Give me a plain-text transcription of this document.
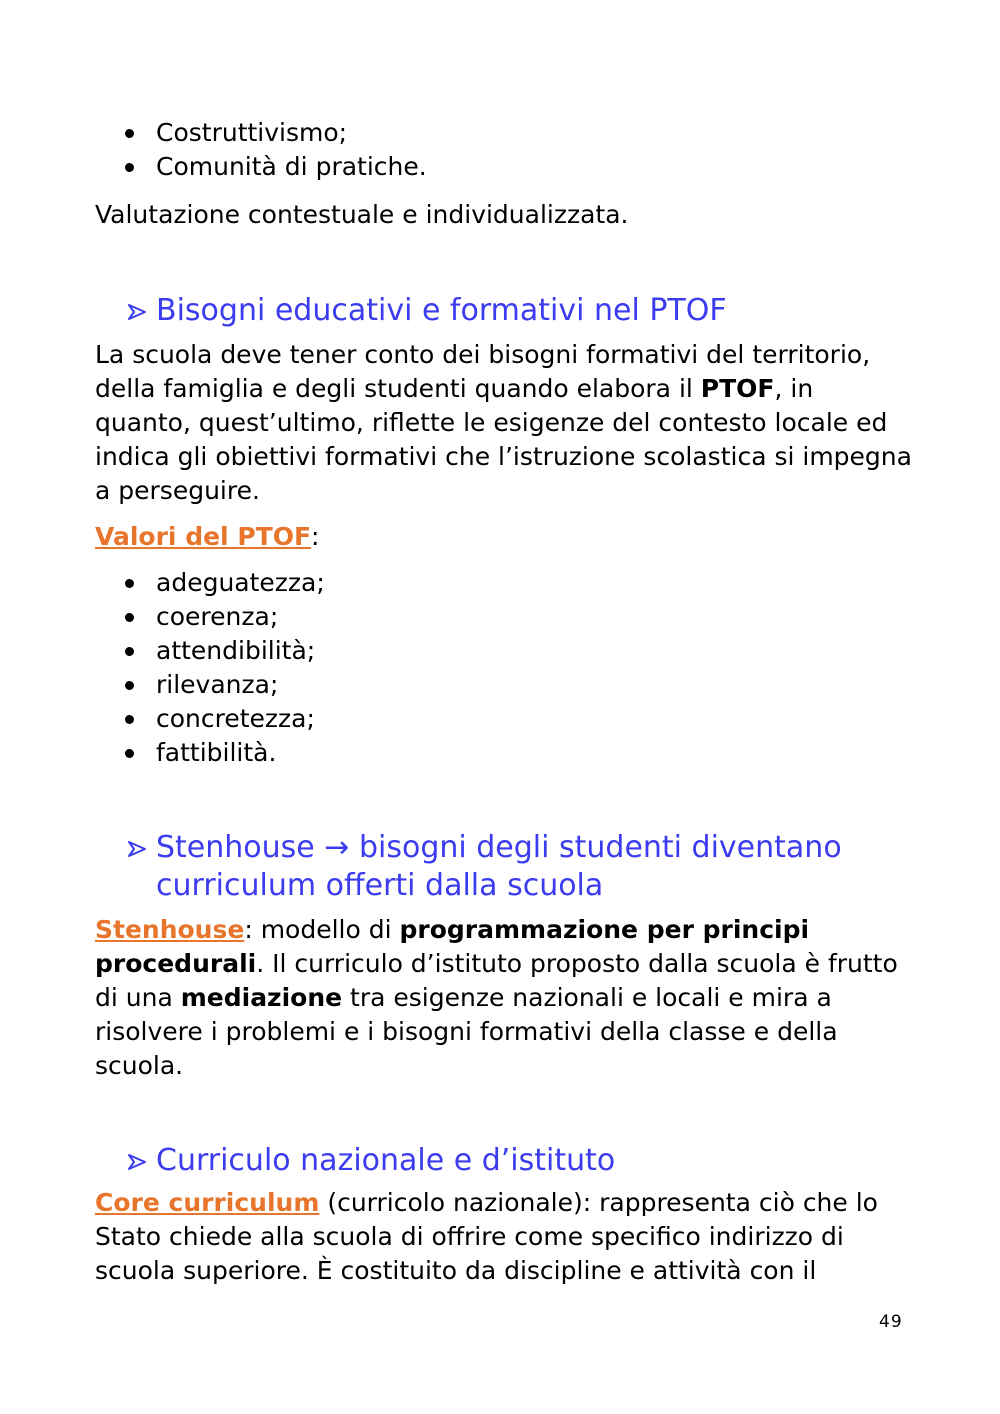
Costruttivismo;
Comunità di pratiche.

Valutazione contestuale e individualizzata.

Bisogni educativi e formativi nel PTOF

La scuola deve tener conto dei bisogni formativi del territorio, della famiglia e degli studenti quando elabora il PTOF, in quanto, quest’ultimo, riflette le esigenze del contesto locale ed indica gli obiettivi formativi che l’istruzione scolastica si impegna a perseguire.

Valori del PTOF:

adeguatezza;
coerenza;
attendibilità;
rilevanza;
concretezza;
fattibilità.
Stenhouse → bisogni degli studenti diventano curriculum offerti dalla scuola

Stenhouse: modello di programmazione per principi procedurali. Il curriculo d’istituto proposto dalla scuola è frutto di una mediazione tra esigenze nazionali e locali e mira a risolvere i problemi e i bisogni formativi della classe e della scuola.

Curriculo nazionale e d’istituto

Core curriculum (curricolo nazionale): rappresenta ciò che lo Stato chiede alla scuola di offrire come specifico indirizzo di scuola superiore. È costituito da discipline e attività con il

49
